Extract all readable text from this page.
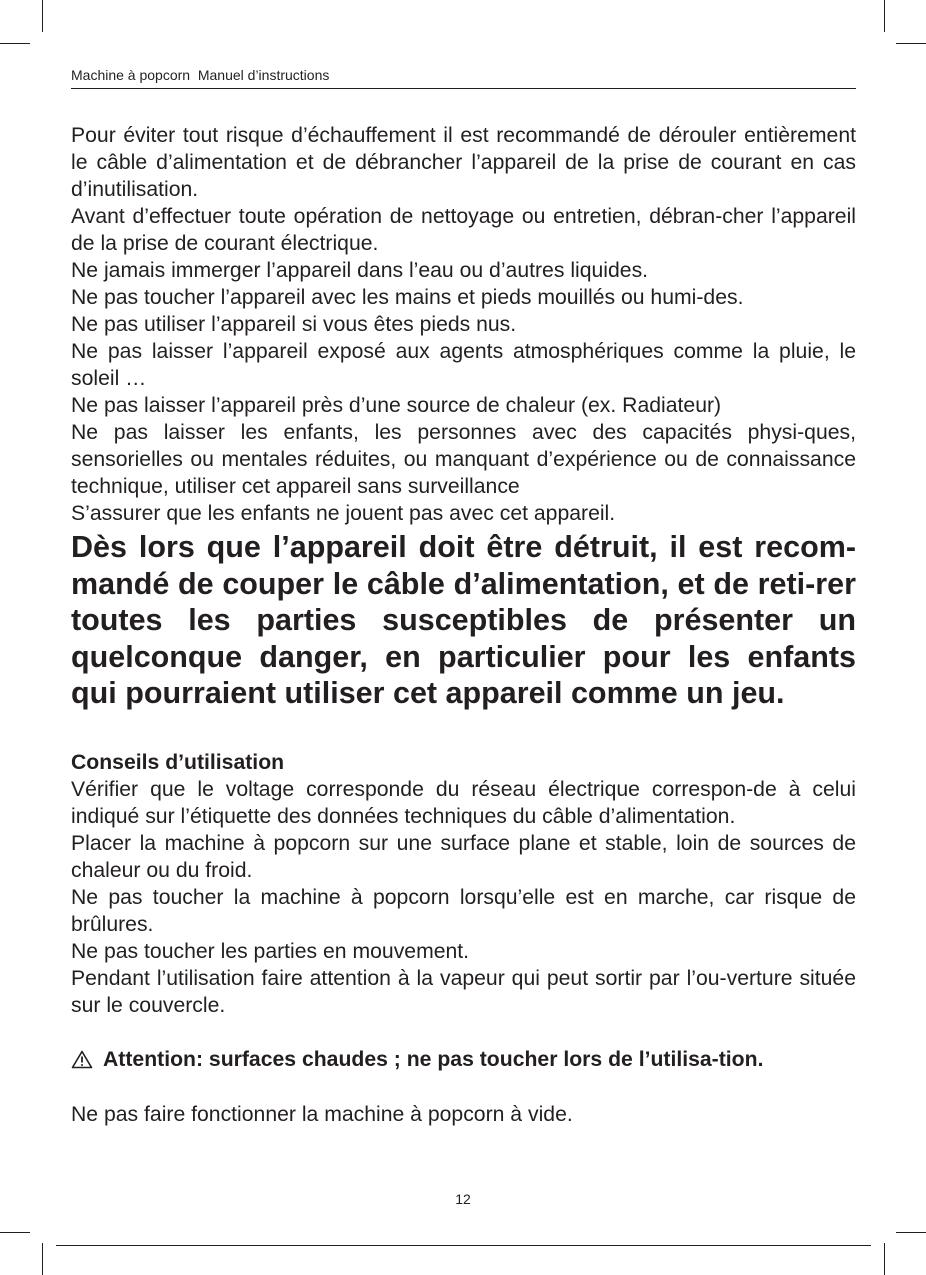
Machine à popcorn  Manuel d’instructions

Pour éviter tout risque d’échauffement il est recommandé de dérouler entièrement le câble d’alimentation et de débrancher l’appareil de la prise de courant en cas d’inutilisation.

Avant d’effectuer toute opération de nettoyage ou entretien, débran-cher l’appareil de la prise de courant électrique.

Ne jamais immerger l’appareil dans l’eau ou d’autres liquides.

Ne pas toucher l’appareil avec les mains et pieds mouillés ou humi-des.

Ne pas utiliser l’appareil si vous êtes pieds nus.

Ne pas laisser l’appareil exposé aux agents atmosphériques comme la pluie, le soleil …

Ne pas laisser l’appareil près d’une source de chaleur (ex. Radiateur)

Ne pas laisser les enfants, les personnes avec des capacités physi-ques, sensorielles ou mentales réduites, ou manquant d’expérience ou de connaissance technique, utiliser cet appareil sans surveillance

S’assurer que les enfants ne jouent pas avec cet appareil.

Dès lors que l’appareil doit être détruit, il est recom-mandé de couper le câble d’alimentation, et de reti-rer toutes les parties susceptibles de présenter un quelconque danger, en particulier pour les enfants qui pourraient utiliser cet appareil comme un jeu.

Conseils d’utilisation

Vérifier que le voltage corresponde du réseau électrique correspon-de à celui indiqué sur l’étiquette des données techniques du câble d’alimentation.

Placer la machine à popcorn sur une surface plane et stable, loin de sources de chaleur ou du froid.

Ne pas toucher la machine à popcorn lorsqu’elle est en marche, car risque de brûlures.

Ne pas toucher les parties en mouvement.

Pendant l’utilisation faire attention à la vapeur qui peut sortir par l’ou-verture située sur le couvercle.

Attention: surfaces chaudes ; ne pas toucher lors de l’utilisa-tion.

Ne pas faire fonctionner la machine à popcorn à vide.

12
